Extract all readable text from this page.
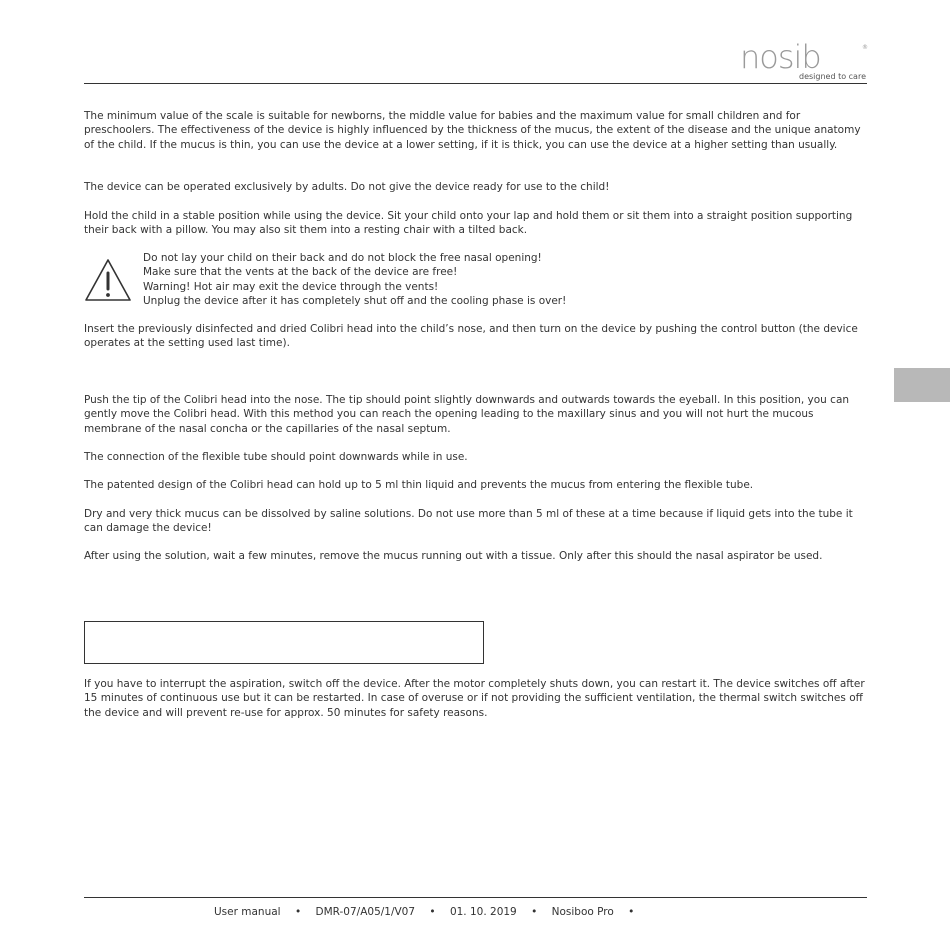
nosib
designed to care
®

The minimum value of the scale is suitable for newborns, the middle value for babies and the maximum value for small children and for preschoolers. The effectiveness of the device is highly influenced by the thickness of the mucus, the extent of the disease and the unique anatomy of the child. If the mucus is thin, you can use the device at a lower setting, if it is thick, you can use the device at a higher setting than usually.

The device can be operated exclusively by adults. Do not give the device ready for use to the child!

Hold the child in a stable position while using the device. Sit your child onto your lap and hold them or sit them into a straight position supporting their back with a pillow. You may also sit them into a resting chair with a tilted back.

Do not lay your child on their back and do not block the free nasal opening!
Make sure that the vents at the back of the device are free!
Warning! Hot air may exit the device through the vents!
Unplug the device after it has completely shut off and the cooling phase is over!

Insert the previously disinfected and dried Colibri head into the child’s nose, and then turn on the device by pushing the control button (the device operates at the setting used last time).

Push the tip of the Colibri head into the nose. The tip should point slightly downwards and outwards towards the eyeball. In this position, you can gently move the Colibri head. With this method you can reach the opening leading to the maxillary sinus and you will not hurt the mucous membrane of the nasal concha or the capillaries of the nasal septum.

The connection of the flexible tube should point downwards while in use.

The patented design of the Colibri head can hold up to 5 ml thin liquid and prevents the mucus from entering the flexible tube.

Dry and very thick mucus can be dissolved by saline solutions. Do not use more than 5 ml of these at a time because if liquid gets into the tube it can damage the device!

After using the solution, wait a few minutes, remove the mucus running out with a tissue. Only after this should the nasal aspirator be used.

If you have to interrupt the aspiration, switch off the device. After the motor completely shuts down, you can restart it. The device switches off after 15 minutes of continuous use but it can be restarted. In case of overuse or if not providing the sufficient ventilation, the thermal switch switches off the device and will prevent re-use for approx. 50 minutes for safety reasons.

User manual • DMR-07/A05/1/V07 • 01. 10. 2019 • Nosiboo Pro •
